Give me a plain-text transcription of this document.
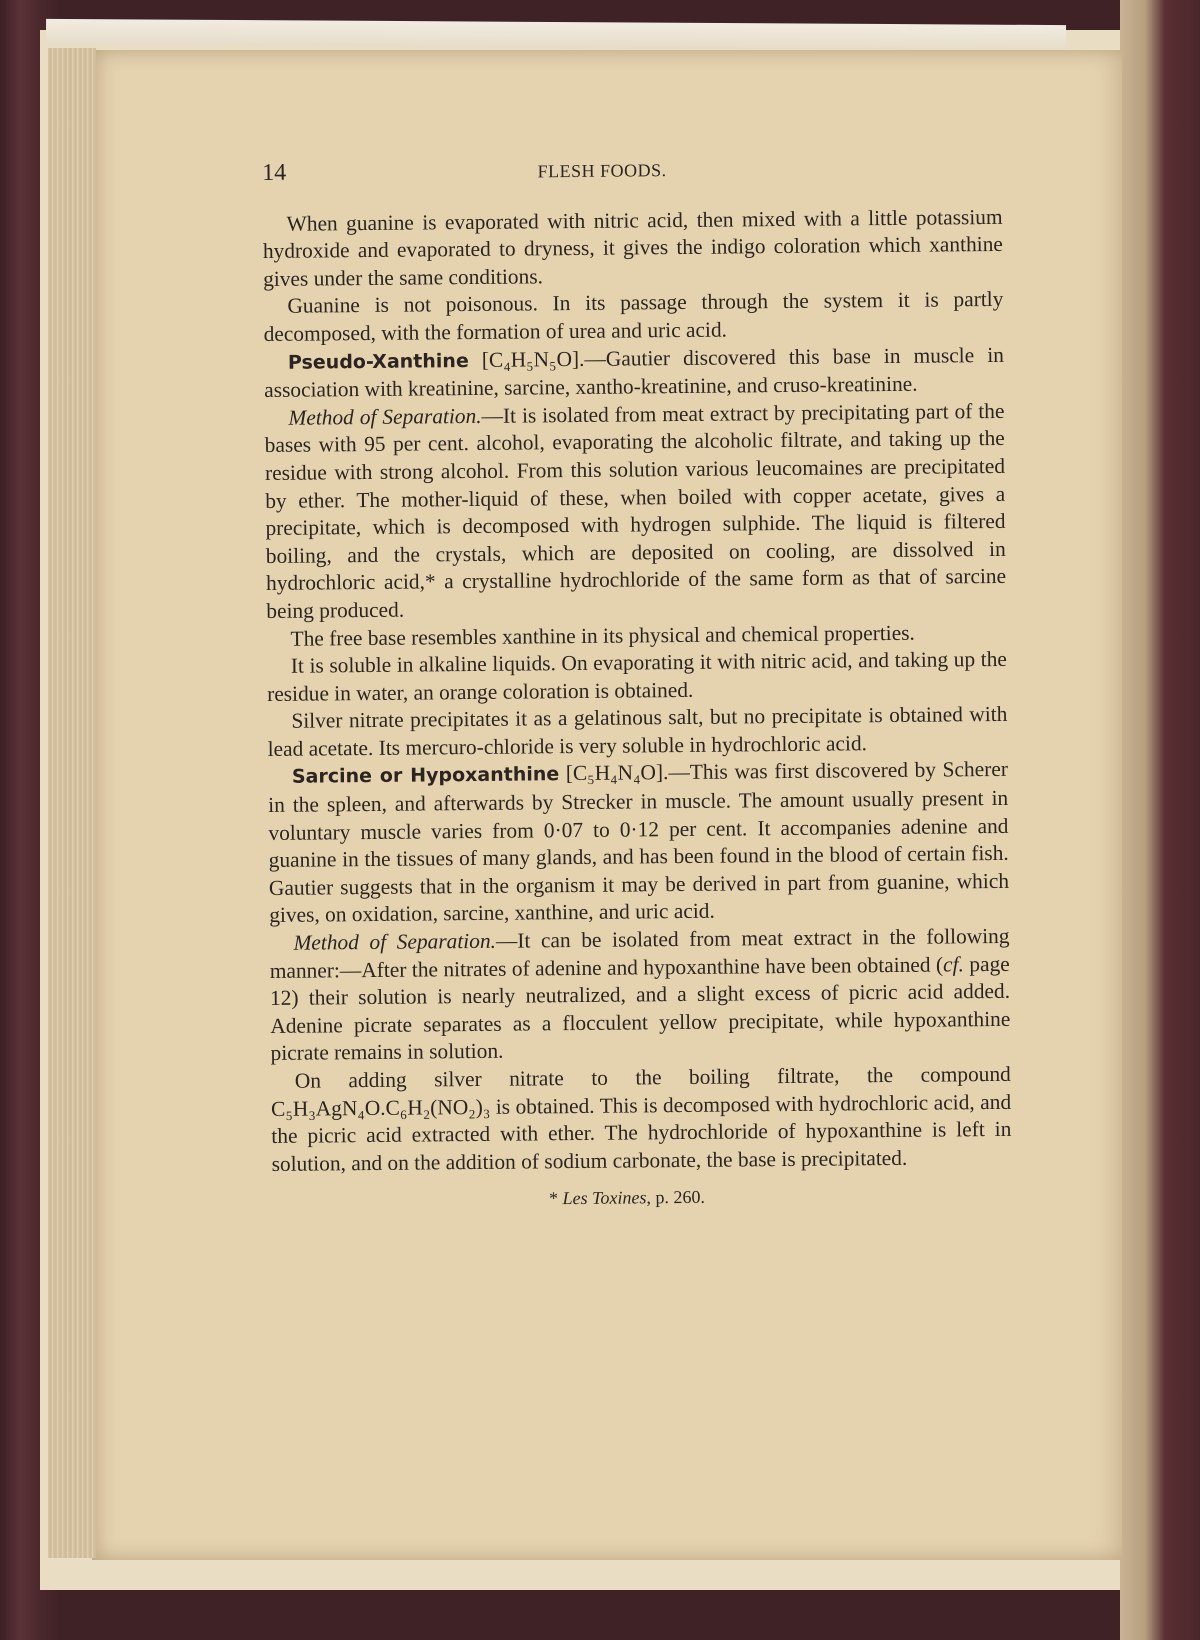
14	FLESH FOODS.

When guanine is evaporated with nitric acid, then mixed with a little potassium hydroxide and evaporated to dryness, it gives the indigo coloration which xanthine gives under the same conditions.

Guanine is not poisonous. In its passage through the system it is partly decomposed, with the formation of urea and uric acid.

Pseudo-Xanthine [C₄H₅N₅O].—Gautier discovered this base in muscle in association with kreatinine, sarcine, xantho-kreatinine, and cruso-kreatinine.

Method of Separation.—It is isolated from meat extract by precipitating part of the bases with 95 per cent. alcohol, evaporating the alcoholic filtrate, and taking up the residue with strong alcohol. From this solution various leucomaines are precipitated by ether. The mother-liquid of these, when boiled with copper acetate, gives a precipitate, which is decomposed with hydrogen sulphide. The liquid is filtered boiling, and the crystals, which are deposited on cooling, are dissolved in hydrochloric acid,* a crystalline hydrochloride of the same form as that of sarcine being produced.

The free base resembles xanthine in its physical and chemical properties.

It is soluble in alkaline liquids. On evaporating it with nitric acid, and taking up the residue in water, an orange coloration is obtained.

Silver nitrate precipitates it as a gelatinous salt, but no precipitate is obtained with lead acetate. Its mercuro-chloride is very soluble in hydrochloric acid.

Sarcine or Hypoxanthine [C₅H₄N₄O].—This was first discovered by Scherer in the spleen, and afterwards by Strecker in muscle. The amount usually present in voluntary muscle varies from 0·07 to 0·12 per cent. It accompanies adenine and guanine in the tissues of many glands, and has been found in the blood of certain fish. Gautier suggests that in the organism it may be derived in part from guanine, which gives, on oxidation, sarcine, xanthine, and uric acid.

Method of Separation.—It can be isolated from meat extract in the following manner:—After the nitrates of adenine and hypoxanthine have been obtained (cf. page 12) their solution is nearly neutralized, and a slight excess of picric acid added. Adenine picrate separates as a flocculent yellow precipitate, while hypoxanthine picrate remains in solution.

On adding silver nitrate to the boiling filtrate, the compound C₅H₃AgN₄O.C₆H₂(NO₂)₃ is obtained. This is decomposed with hydrochloric acid, and the picric acid extracted with ether. The hydrochloride of hypoxanthine is left in solution, and on the addition of sodium carbonate, the base is precipitated.

* Les Toxines, p. 260.
